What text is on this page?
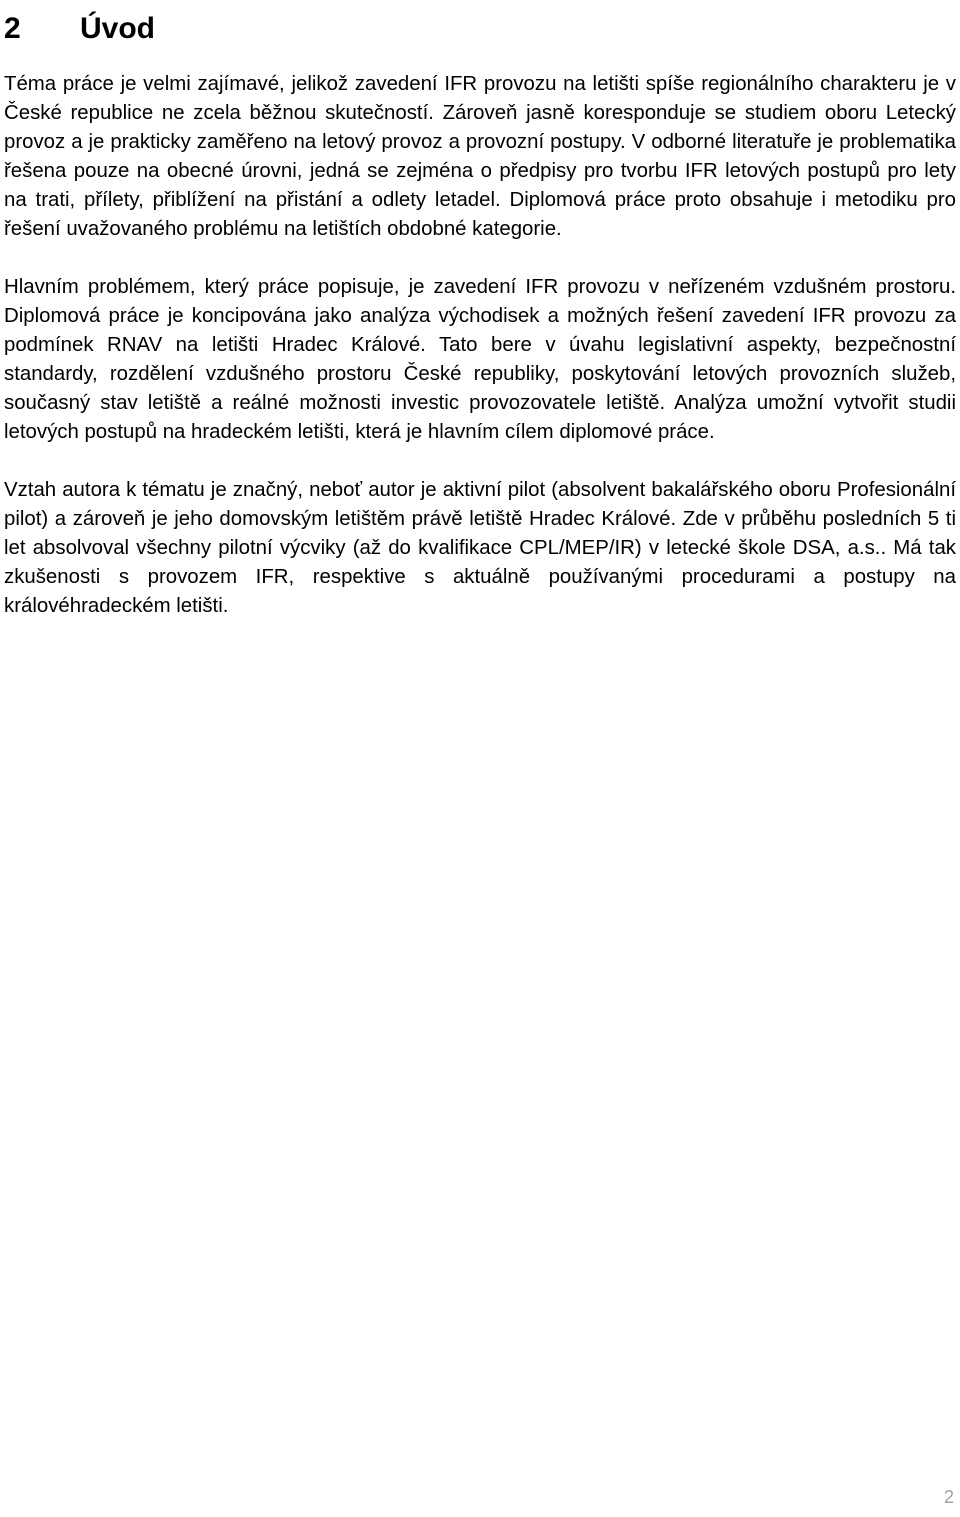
2	Úvod

Téma práce je velmi zajímavé, jelikož zavedení IFR provozu na letišti spíše regionálního charakteru je v České republice ne zcela běžnou skutečností. Zároveň jasně koresponduje se studiem oboru Letecký provoz a je prakticky zaměřeno na letový provoz a provozní postupy. V odborné literatuře je problematika řešena pouze na obecné úrovni, jedná se zejména o předpisy pro tvorbu IFR letových postupů pro lety na trati, přílety, přiblížení na přistání a odlety letadel. Diplomová práce proto obsahuje i metodiku pro řešení uvažovaného problému na letištích obdobné kategorie.

Hlavním problémem, který práce popisuje, je zavedení IFR provozu v neřízeném vzdušném prostoru. Diplomová práce je koncipována jako analýza východisek a možných řešení zavedení IFR provozu za podmínek RNAV na letišti Hradec Králové. Tato bere v úvahu legislativní aspekty, bezpečnostní standardy, rozdělení vzdušného prostoru České republiky, poskytování letových provozních služeb, současný stav letiště a reálné možnosti investic provozovatele letiště. Analýza umožní vytvořit studii letových postupů na hradeckém letišti, která je hlavním cílem diplomové práce.

Vztah autora k tématu je značný, neboť autor je aktivní pilot (absolvent bakalářského oboru Profesionální pilot) a zároveň je jeho domovským letištěm právě letiště Hradec Králové. Zde v průběhu posledních 5 ti let absolvoval všechny pilotní výcviky (až do kvalifikace CPL/MEP/IR) v letecké škole DSA, a.s.. Má tak zkušenosti s provozem IFR, respektive s aktuálně používanými procedurami a postupy na královéhradeckém letišti.

2
